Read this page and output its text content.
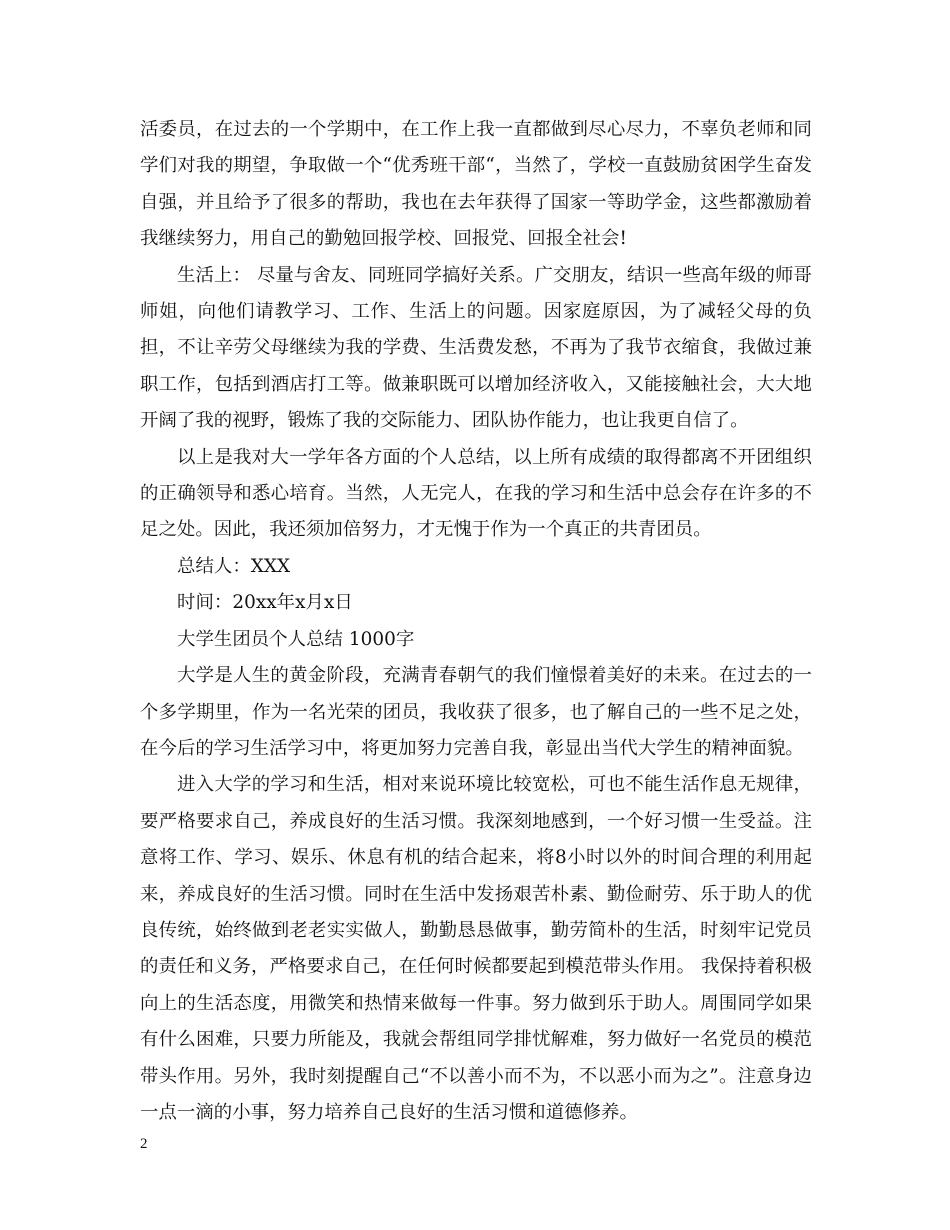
活委员，在过去的一个学期中，在工作上我一直都做到尽心尽力，不辜负老师和同学们对我的期望，争取做一个“优秀班干部“，当然了，学校一直鼓励贫困学生奋发自强，并且给予了很多的帮助，我也在去年获得了国家一等助学金，这些都激励着我继续努力，用自己的勤勉回报学校、回报党、回报全社会!

生活上： 尽量与舍友、同班同学搞好关系。广交朋友，结识一些高年级的师哥师姐，向他们请教学习、工作、生活上的问题。因家庭原因，为了减轻父母的负担，不让辛劳父母继续为我的学费、生活费发愁，不再为了我节衣缩食，我做过兼职工作，包括到酒店打工等。做兼职既可以增加经济收入，又能接触社会，大大地开阔了我的视野，锻炼了我的交际能力、团队协作能力，也让我更自信了。

以上是我对大一学年各方面的个人总结，以上所有成绩的取得都离不开团组织的正确领导和悉心培育。当然，人无完人，在我的学习和生活中总会存在许多的不足之处。因此，我还须加倍努力，才无愧于作为一个真正的共青团员。

总结人：XXX

时间：20xx年x月x日

大学生团员个人总结 1000字

大学是人生的黄金阶段，充满青春朝气的我们憧憬着美好的未来。在过去的一个多学期里，作为一名光荣的团员，我收获了很多，也了解自己的一些不足之处，在今后的学习生活学习中，将更加努力完善自我，彰显出当代大学生的精神面貌。

进入大学的学习和生活，相对来说环境比较宽松，可也不能生活作息无规律，要严格要求自己，养成良好的生活习惯。我深刻地感到，一个好习惯一生受益。注意将工作、学习、娱乐、休息有机的结合起来，将8小时以外的时间合理的利用起来，养成良好的生活习惯。同时在生活中发扬艰苦朴素、勤俭耐劳、乐于助人的优良传统，始终做到老老实实做人，勤勤恳恳做事，勤劳简朴的生活，时刻牢记党员的责任和义务，严格要求自己，在任何时候都要起到模范带头作用。 我保持着积极向上的生活态度，用微笑和热情来做每一件事。努力做到乐于助人。周围同学如果有什么困难，只要力所能及，我就会帮组同学排忧解难，努力做好一名党员的模范带头作用。另外，我时刻提醒自己“不以善小而不为，不以恶小而为之”。注意身边一点一滴的小事，努力培养自己良好的生活习惯和道德修养。

2
